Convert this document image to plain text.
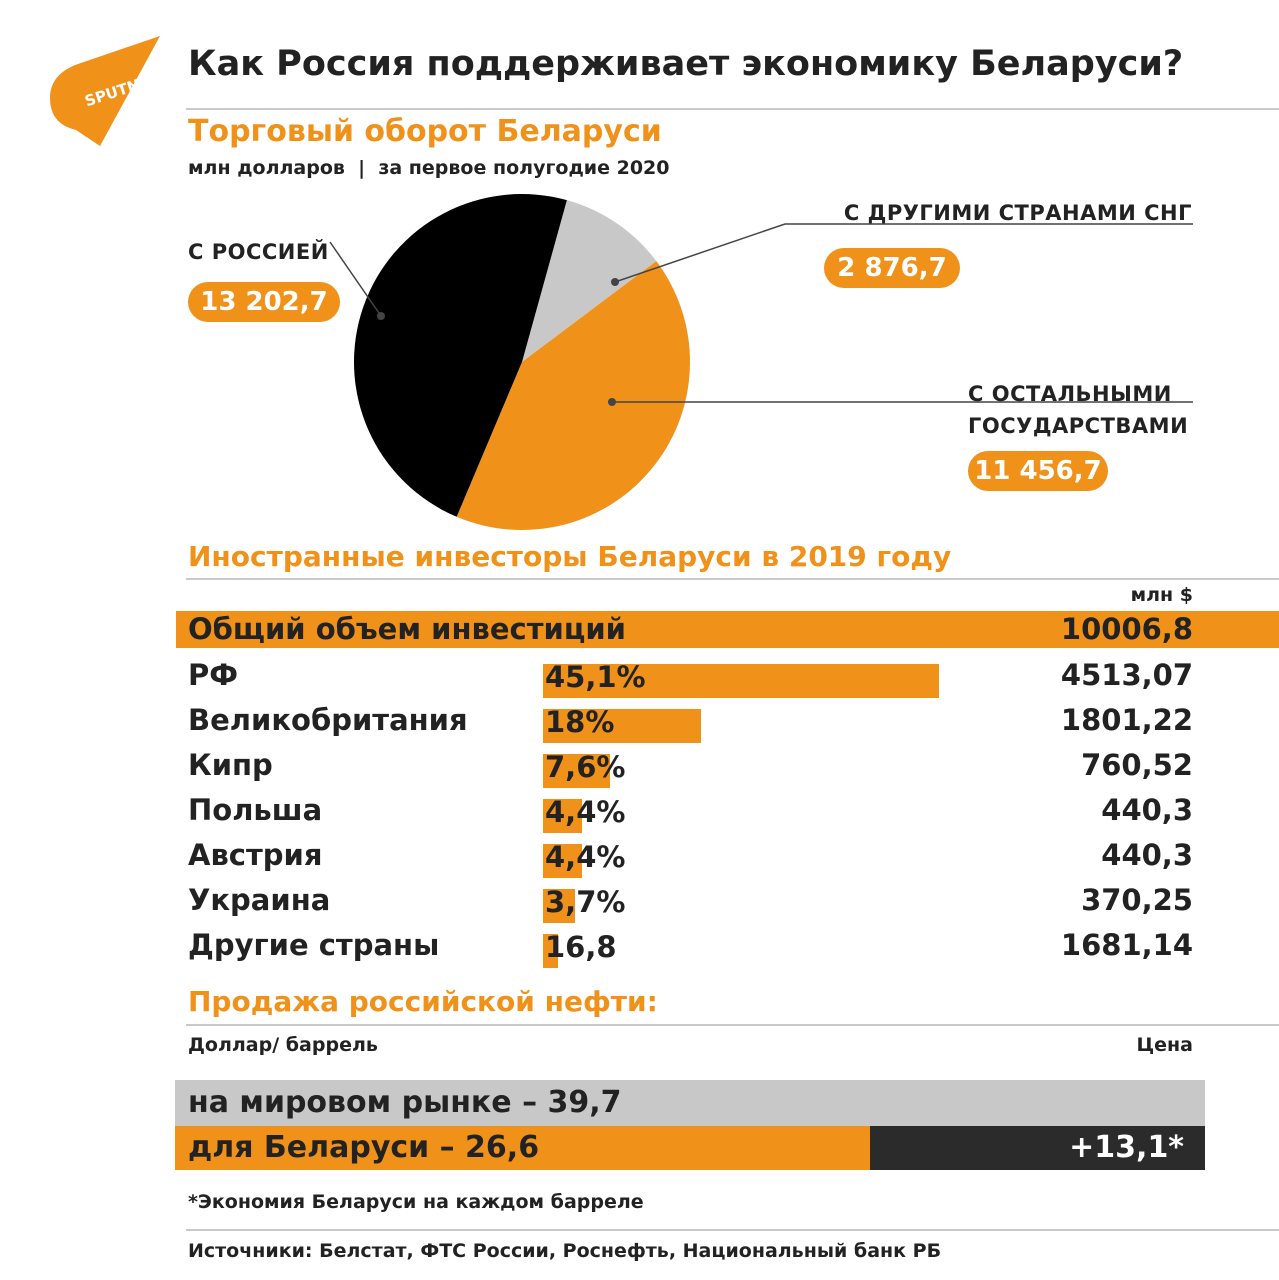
SPUTNIK
Как Россия поддерживает экономику Беларуси?
Торговый оборот Беларуси
млн долларов  |  за первое полугодие 2020
С РОССИЕЙ
13 202,7
С ДРУГИМИ СТРАНАМИ СНГ
2 876,7
С ОСТАЛЬНЫМИ ГОСУДАРСТВАМИ
11 456,7
Иностранные инвесторы Беларуси в 2019 году
млн $
Общий объем инвестиций	10006,8
РФ	45,1%	4513,07
Великобритания	18%	1801,22
Кипр	7,6%	760,52
Польша	4,4%	440,3
Австрия	4,4%	440,3
Украина	3,7%	370,25
Другие страны	16,8	1681,14
Продажа российской нефти:
Доллар/ баррель	Цена
на мировом рынке – 39,7
для Беларуси – 26,6	+13,1*
*Экономия Беларуси на каждом барреле
Источники: Белстат, ФТС России, Роснефть, Национальный банк РБ
